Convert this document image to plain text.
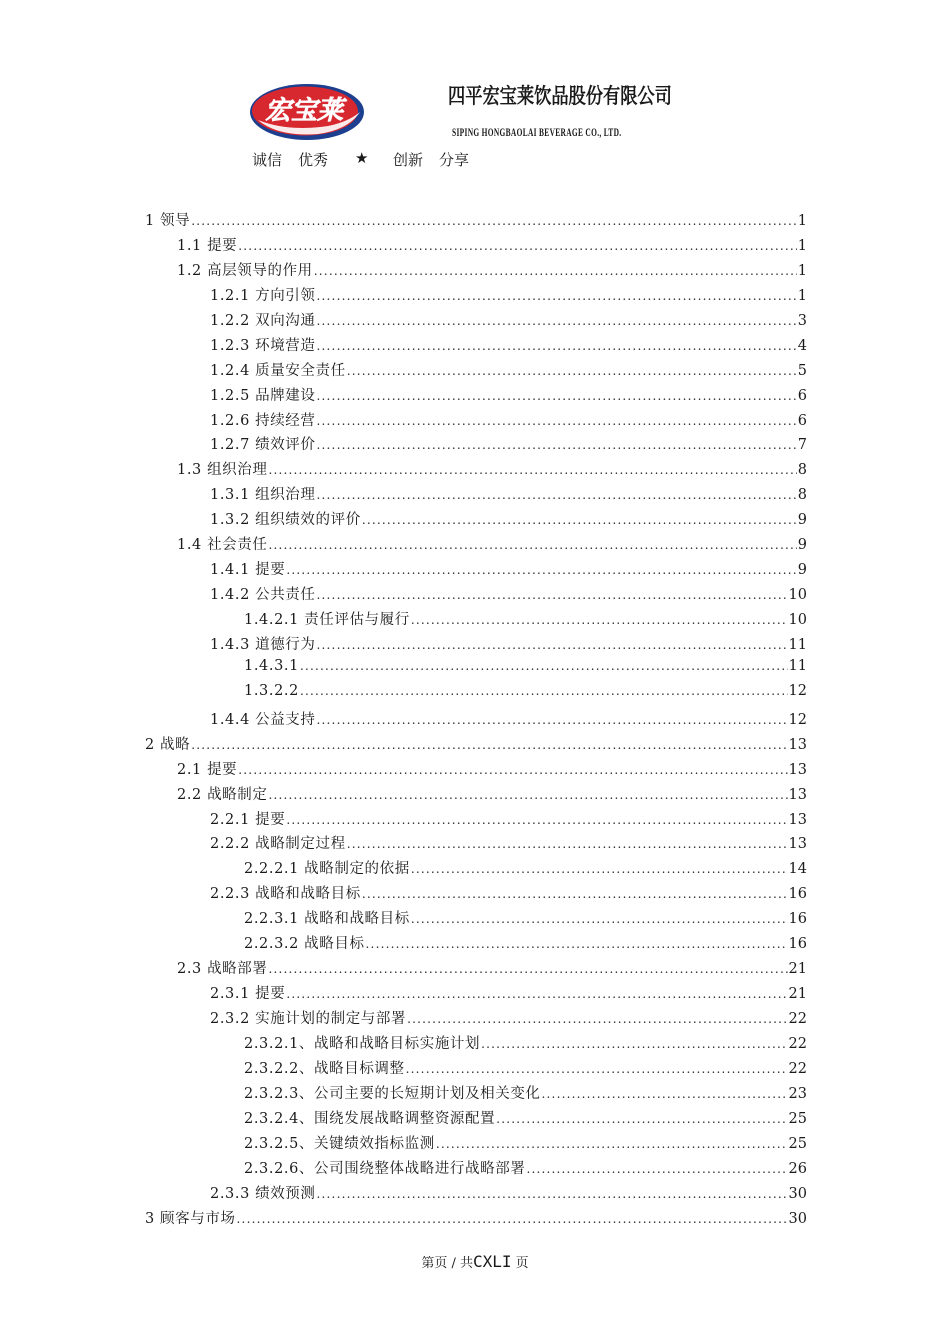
宏宝莱
四平宏宝莱饮品股份有限公司
SIPING HONGBAOLAI BEVERAGE CO., LTD.
诚信	优秀	★	创新	分享
1 领导 .....	1
1.1 提要 .....	1
1.2 高层领导的作用 .....	1
1.2.1 方向引领 .....	1
1.2.2 双向沟通 .....	3
1.2.3 环境营造 .....	4
1.2.4 质量安全责任 .....	5
1.2.5 品牌建设 .....	6
1.2.6 持续经营 .....	6
1.2.7 绩效评价 .....	7
1.3 组织治理 .....	8
1.3.1 组织治理 .....	8
1.3.2 组织绩效的评价 .....	9
1.4 社会责任 .....	9
1.4.1 提要 .....	9
1.4.2 公共责任 .....	10
1.4.2.1 责任评估与履行 .....	10
1.4.3 道德行为 .....	11
1.4.3.1 .....	11
1.3.2.2 .....	12
1.4.4 公益支持 .....	12
2 战略 .....	13
2.1 提要 .....	13
2.2 战略制定 .....	13
2.2.1 提要 .....	13
2.2.2 战略制定过程 .....	13
2.2.2.1 战略制定的依据 .....	14
2.2.3 战略和战略目标 .....	16
2.2.3.1 战略和战略目标 .....	16
2.2.3.2 战略目标 .....	16
2.3 战略部署 .....	21
2.3.1 提要 .....	21
2.3.2 实施计划的制定与部署 .....	22
2.3.2.1、战略和战略目标实施计划 .....	22
2.3.2.2、战略目标调整 .....	22
2.3.2.3、公司主要的长短期计划及相关变化 .....	23
2.3.2.4、围绕发展战略调整资源配置 .....	25
2.3.2.5、关键绩效指标监测 .....	25
2.3.2.6、公司围绕整体战略进行战略部署 .....	26
2.3.3 绩效预测 .....	30
3 顾客与市场 .....	30
第页 / 共CXLI 页
